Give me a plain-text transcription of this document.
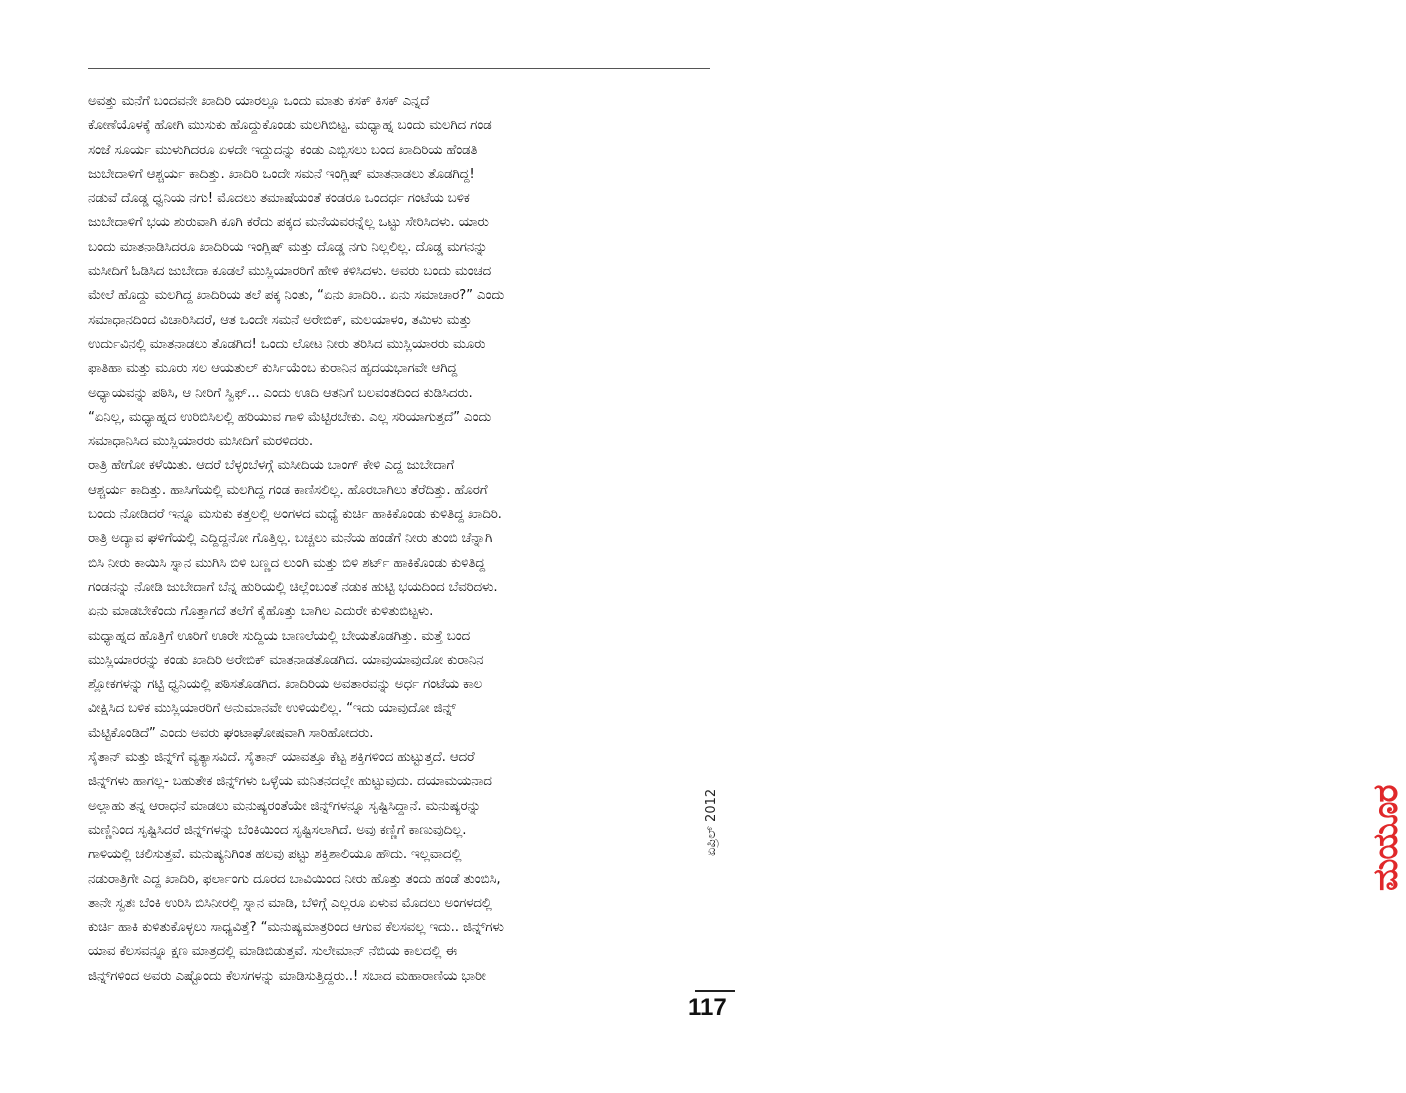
ಅವತ್ತು ಮನೆಗೆ ಬಂದವನೇ ಖಾದಿರಿ ಯಾರಲ್ಲೂ ಒಂದು ಮಾತು ಕಸಕ್ ಕಿಸಕ್ ಎನ್ನದೆ
ಕೋಣೆಯೊಳಕ್ಕೆ ಹೋಗಿ ಮುಸುಕು ಹೊದ್ದುಕೊಂಡು ಮಲಗಿಬಿಟ್ಟ. ಮಧ್ಯಾಹ್ನ ಬಂದು ಮಲಗಿದ ಗಂಡ
ಸಂಜೆ ಸೂರ್ಯ ಮುಳುಗಿದರೂ ಏಳದೇ ಇದ್ದುದನ್ನು ಕಂಡು ಎಬ್ಬಿಸಲು ಬಂದ ಖಾದಿರಿಯ ಹೆಂಡತಿ
ಜುಬೇದಾಳಿಗೆ ಆಶ್ಚರ್ಯ ಕಾದಿತ್ತು. ಖಾದಿರಿ ಒಂದೇ ಸಮನೆ ಇಂಗ್ಲಿಷ್ ಮಾತನಾಡಲು ತೊಡಗಿದ್ದ!
ನಡುವೆ ದೊಡ್ಡ ಧ್ವನಿಯ ನಗು! ಮೊದಲು ತಮಾಷೆಯಂತೆ ಕಂಡರೂ ಒಂದರ್ಧ ಗಂಟೆಯ ಬಳಿಕ
ಜುಬೇದಾಳಿಗೆ ಭಯ ಶುರುವಾಗಿ ಕೂಗಿ ಕರೆದು ಪಕ್ಕದ ಮನೆಯವರನ್ನೆಲ್ಲ ಒಟ್ಟು ಸೇರಿಸಿದಳು. ಯಾರು
ಬಂದು ಮಾತನಾಡಿಸಿದರೂ ಖಾದಿರಿಯ ಇಂಗ್ಲಿಷ್ ಮತ್ತು ದೊಡ್ಡ ನಗು ನಿಲ್ಲಲಿಲ್ಲ. ದೊಡ್ಡ ಮಗನನ್ನು
ಮಸೀದಿಗೆ ಓಡಿಸಿದ ಜುಬೇದಾ ಕೂಡಲೆ ಮುಸ್ಲಿಯಾರರಿಗೆ ಹೇಳಿ ಕಳಿಸಿದಳು. ಅವರು ಬಂದು ಮಂಚದ
ಮೇಲೆ ಹೊದ್ದು ಮಲಗಿದ್ದ ಖಾದಿರಿಯ ತಲೆ ಪಕ್ಕ ನಿಂತು, “ಏನು ಖಾದಿರಿ.. ಏನು ಸಮಾಚಾರ?” ಎಂದು
ಸಮಾಧಾನದಿಂದ ವಿಚಾರಿಸಿದರೆ, ಆತ ಒಂದೇ ಸಮನೆ ಅರೇಬಿಕ್, ಮಲಯಾಳಂ, ತಮಿಳು ಮತ್ತು
ಉರ್ದುವಿನಲ್ಲಿ ಮಾತನಾಡಲು ತೊಡಗಿದ! ಒಂದು ಲೋಟ ನೀರು ತರಿಸಿದ ಮುಸ್ಲಿಯಾರರು ಮೂರು
ಫಾತಿಹಾ ಮತ್ತು ಮೂರು ಸಲ ಆಯತುಲ್ ಕುರ್ಸಿಯೆಂಬ ಕುರಾನಿನ ಹೃದಯಭಾಗವೇ ಆಗಿದ್ದ
ಅಧ್ಯಾಯವನ್ನು ಪಠಿಸಿ, ಆ ನೀರಿಗೆ ಸ್ವಿಫ್... ಎಂದು ಊದಿ ಆತನಿಗೆ ಬಲವಂತದಿಂದ ಕುಡಿಸಿದರು.
“ಏನಿಲ್ಲ, ಮಧ್ಯಾಹ್ನದ ಉರಿಬಿಸಿಲಲ್ಲಿ ಹರಿಯುವ ಗಾಳಿ ಮೆಟ್ಟಿರಬೇಕು. ಎಲ್ಲ ಸರಿಯಾಗುತ್ತದೆ” ಎಂದು
ಸಮಾಧಾನಿಸಿದ ಮುಸ್ಲಿಯಾರರು ಮಸೀದಿಗೆ ಮರಳಿದರು.
ರಾತ್ರಿ ಹೇಗೋ ಕಳೆಯಿತು. ಆದರೆ ಬೆಳ್ಳಂಬೆಳಗ್ಗೆ ಮಸೀದಿಯ ಬಾಂಗ್ ಕೇಳಿ ಎದ್ದ ಜುಬೇದಾಗೆ
ಆಶ್ಚರ್ಯ ಕಾದಿತ್ತು. ಹಾಸಿಗೆಯಲ್ಲಿ ಮಲಗಿದ್ದ ಗಂಡ ಕಾಣಿಸಲಿಲ್ಲ. ಹೊರಬಾಗಿಲು ತೆರೆದಿತ್ತು. ಹೊರಗೆ
ಬಂದು ನೋಡಿದರೆ ಇನ್ನೂ ಮಸುಕು ಕತ್ತಲಲ್ಲಿ ಅಂಗಳದ ಮಧ್ಯೆ ಕುರ್ಚಿ ಹಾಕಿಕೊಂಡು ಕುಳಿತಿದ್ದ ಖಾದಿರಿ.
ರಾತ್ರಿ ಅದ್ಯಾವ ಘಳಿಗೆಯಲ್ಲಿ ಎದ್ದಿದ್ದನೋ ಗೊತ್ತಿಲ್ಲ. ಬಚ್ಚಲು ಮನೆಯ ಹಂಡೆಗೆ ನೀರು ತುಂಬಿ ಚೆನ್ನಾಗಿ
ಬಿಸಿ ನೀರು ಕಾಯಿಸಿ ಸ್ನಾನ ಮುಗಿಸಿ ಬಿಳಿ ಬಣ್ಣದ ಲುಂಗಿ ಮತ್ತು ಬಿಳಿ ಶರ್ಟ್ ಹಾಕಿಕೊಂಡು ಕುಳಿತಿದ್ದ
ಗಂಡನನ್ನು ನೋಡಿ ಜುಬೇದಾಗೆ ಬೆನ್ನ ಹುರಿಯಲ್ಲಿ ಚಿಲ್ಲೆಂಬಂತೆ ನಡುಕ ಹುಟ್ಟಿ ಭಯದಿಂದ ಬೆವರಿದಳು.
ಏನು ಮಾಡಬೇಕೆಂದು ಗೊತ್ತಾಗದೆ ತಲೆಗೆ ಕೈಹೊತ್ತು ಬಾಗಿಲ ಎದುರೇ ಕುಳಿತುಬಿಟ್ಟಳು.
ಮಧ್ಯಾಹ್ನದ ಹೊತ್ತಿಗೆ ಊರಿಗೆ ಊರೇ ಸುದ್ದಿಯ ಬಾಣಲೆಯಲ್ಲಿ ಬೇಯತೊಡಗಿತ್ತು. ಮತ್ತೆ ಬಂದ
ಮುಸ್ಲಿಯಾರರನ್ನು ಕಂಡು ಖಾದಿರಿ ಅರೇಬಿಕ್ ಮಾತನಾಡತೊಡಗಿದ. ಯಾವುಯಾವುದೋ ಕುರಾನಿನ
ಶ್ಲೋಕಗಳನ್ನು ಗಟ್ಟಿ ಧ್ವನಿಯಲ್ಲಿ ಪಠಿಸತೊಡಗಿದ. ಖಾದಿರಿಯ ಅವತಾರವನ್ನು ಅರ್ಧ ಗಂಟೆಯ ಕಾಲ
ವೀಕ್ಷಿಸಿದ ಬಳಿಕ ಮುಸ್ಲಿಯಾರರಿಗೆ ಅನುಮಾನವೇ ಉಳಿಯಲಿಲ್ಲ. “ಇದು ಯಾವುದೋ ಜಿನ್ನ್
ಮೆಟ್ಟಿಕೊಂಡಿದೆ” ಎಂದು ಅವರು ಘಂಟಾಘೋಷವಾಗಿ ಸಾರಿಹೋದರು.
ಸೈತಾನ್ ಮತ್ತು ಜಿನ್ನ್‌ಗೆ ವ್ಯತ್ಯಾಸವಿದೆ. ಸೈತಾನ್ ಯಾವತ್ತೂ ಕೆಟ್ಟ ಶಕ್ತಿಗಳಿಂದ ಹುಟ್ಟುತ್ತದೆ. ಆದರೆ
ಜಿನ್ನ್‌ಗಳು ಹಾಗಲ್ಲ- ಬಹುತೇಕ ಜಿನ್ನ್‌ಗಳು ಒಳ್ಳೆಯ ಮನಿತನದಲ್ಲೇ ಹುಟ್ಟುವುದು. ದಯಾಮಯನಾದ
ಅಲ್ಲಾಹು ತನ್ನ ಆರಾಧನೆ ಮಾಡಲು ಮನುಷ್ಯರಂತೆಯೇ ಜಿನ್ನ್‌ಗಳನ್ನೂ ಸೃಷ್ಟಿಸಿದ್ದಾನೆ. ಮನುಷ್ಯರನ್ನು
ಮಣ್ಣಿನಿಂದ ಸೃಷ್ಟಿಸಿದರೆ ಜಿನ್ನ್‌ಗಳನ್ನು ಬೆಂಕಿಯಿಂದ ಸೃಷ್ಟಿಸಲಾಗಿದೆ. ಅವು ಕಣ್ಣಿಗೆ ಕಾಣುವುದಿಲ್ಲ.
ಗಾಳಿಯಲ್ಲಿ ಚಲಿಸುತ್ತವೆ. ಮನುಷ್ಯನಿಗಿಂತ ಹಲವು ಪಟ್ಟು ಶಕ್ತಿಶಾಲಿಯೂ ಹೌದು. ಇಲ್ಲವಾದಲ್ಲಿ
ನಡುರಾತ್ರಿಗೇ ಎದ್ದ ಖಾದಿರಿ, ಫರ್ಲಾಂಗು ದೂರದ ಬಾವಿಯಿಂದ ನೀರು ಹೊತ್ತು ತಂದು ಹಂಡೆ ತುಂಬಿಸಿ,
ತಾನೇ ಸ್ವತಃ ಬೆಂಕಿ ಉರಿಸಿ ಬಿಸಿನೀರಲ್ಲಿ ಸ್ನಾನ ಮಾಡಿ, ಬೆಳಿಗ್ಗೆ ಎಲ್ಲರೂ ಏಳುವ ಮೊದಲು ಅಂಗಳದಲ್ಲಿ
ಕುರ್ಚಿ ಹಾಕಿ ಕುಳಿತುಕೊಳ್ಳಲು ಸಾಧ್ಯವಿತ್ತೆ? “ಮನುಷ್ಯಮಾತ್ರರಿಂದ ಆಗುವ ಕೆಲಸವಲ್ಲ ಇದು.. ಜಿನ್ನ್‌ಗಳು
ಯಾವ ಕೆಲಸವನ್ನೂ ಕ್ಷಣ ಮಾತ್ರದಲ್ಲಿ ಮಾಡಿಬಿಡುತ್ತವೆ. ಸುಲೇಮಾನ್ ನೆಬಿಯ ಕಾಲದಲ್ಲಿ ಈ
ಜಿನ್ನ್‌ಗಳಿಂದ ಅವರು ಎಷ್ಟೊಂದು ಕೆಲಸಗಳನ್ನು ಮಾಡಿಸುತ್ತಿದ್ದರು..! ಸಬಾದ ಮಹಾರಾಣಿಯ ಭಾರೀ
ಮಯೂರ
ಏಪ್ರಿಲ್ 2012
117
